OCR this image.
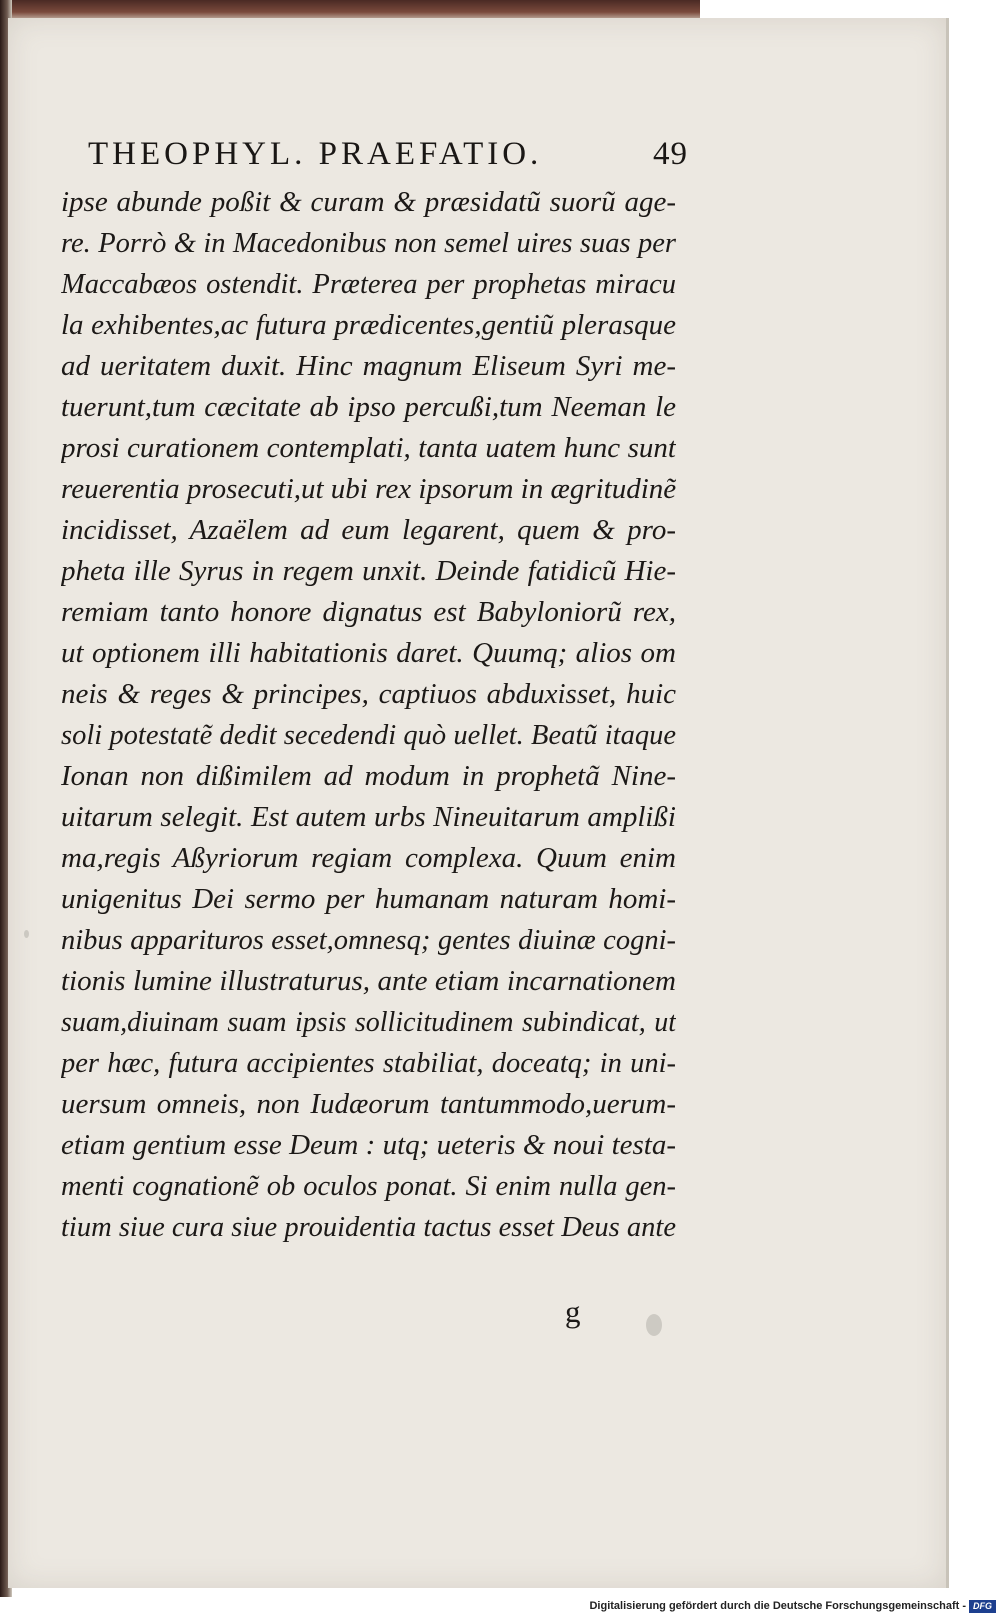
THEOPHYL. PRAEFATIO.	49
ipse abunde poßit & curam & præsidatũ suorũ age-
re. Porrò & in Macedonibus non semel uires suas per
Maccabæos ostendit. Præterea per prophetas miracu
la exhibentes,ac futura prædicentes,gentiũ plerasque
ad ueritatem duxit. Hinc magnum Eliseum Syri me-
tuerunt,tum cæcitate ab ipso percußi,tum Neeman le
prosi curationem contemplati, tanta uatem hunc sunt
reuerentia prosecuti,ut ubi rex ipsorum in ægritudinẽ
incidisset, Azaëlem ad eum legarent, quem & pro-
pheta ille Syrus in regem unxit. Deinde fatidicũ Hie-
remiam tanto honore dignatus est Babyloniorũ rex,
ut optionem illi habitationis daret. Quumq; alios om
neis & reges & principes, captiuos abduxisset, huic
soli potestatẽ dedit secedendi quò uellet. Beatũ itaque
Ionan non dißimilem ad modum in prophetã Nine-
uitarum selegit. Est autem urbs Nineuitarum amplißi
ma,regis Aßyriorum regiam complexa. Quum enim
unigenitus Dei sermo per humanam naturam homi-
nibus apparituros esset,omnesq; gentes diuinæ cogni-
tionis lumine illustraturus, ante etiam incarnationem
suam,diuinam suam ipsis sollicitudinem subindicat, ut
per hæc, futura accipientes stabiliat, doceatq; in uni-
uersum omneis, non Iudæorum tantummodo,uerum-
etiam gentium esse Deum : utq; ueteris & noui testa-
menti cognationẽ ob oculos ponat. Si enim nulla gen-
tium siue cura siue prouidentia tactus esset Deus ante
g
Digitalisierung gefördert durch die Deutsche Forschungsgemeinschaft - DFG
